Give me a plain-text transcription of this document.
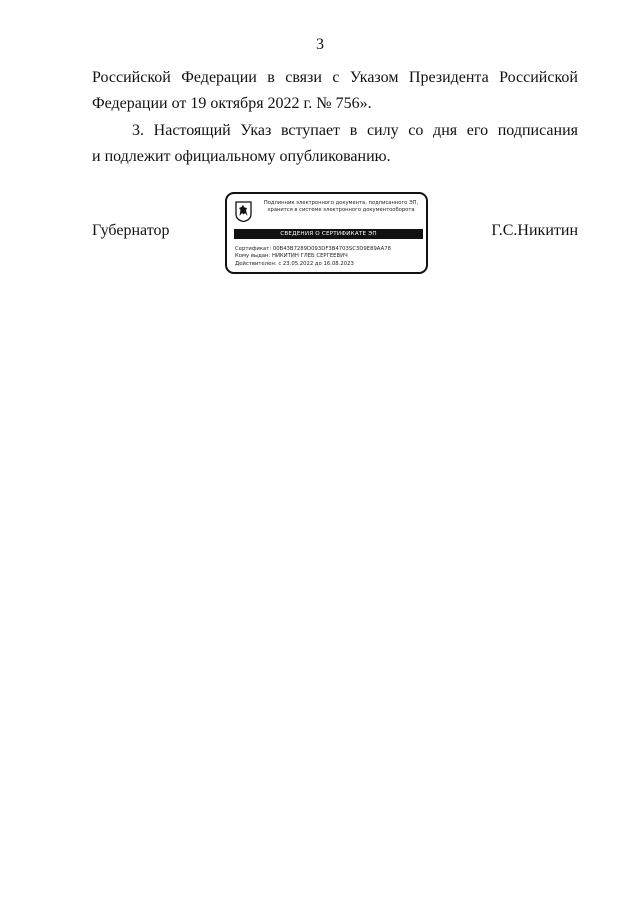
3

Российской Федерации в связи с Указом Президента Российской

Федерации от 19 октября 2022 г. № 756».

3. Настоящий Указ вступает в силу со дня его подписания

и подлежит официальному опубликованию.

Губернатор
Подлинник электронного документа, подписанного ЭП,
хранится в системе электронного документооборота
СВЕДЕНИЯ О СЕРТИФИКАТЕ ЭП
Сертификат: 00B43B7289D093DF3B4703SC3D9E89AA78
Кому выдан: НИКИТИН ГЛЕБ СЕРГЕЕВИЧ
Действителен: с 23.05.2022 до 16.08.2023
Г.С.Никитин
